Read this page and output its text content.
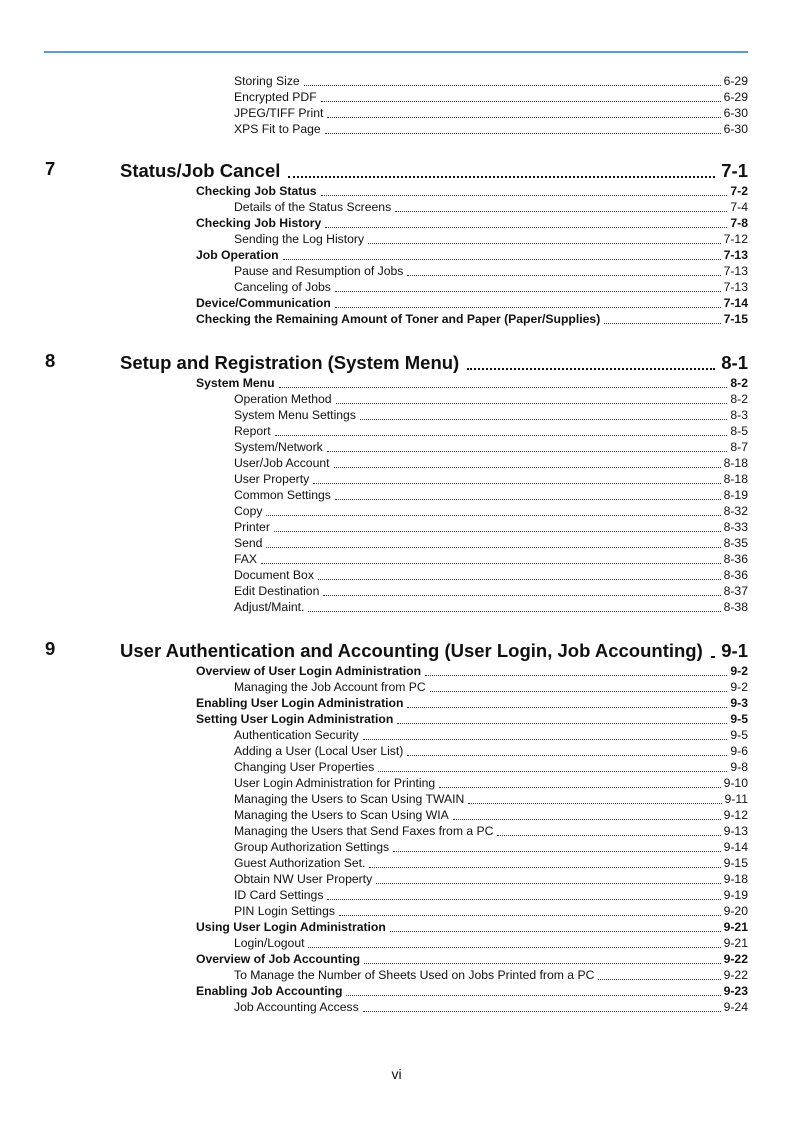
Storing Size	6-29
Encrypted PDF	6-29
JPEG/TIFF Print	6-30
XPS Fit to Page	6-30
7	Status/Job Cancel	7-1
Checking Job Status	7-2
Details of the Status Screens	7-4
Checking Job History	7-8
Sending the Log History	7-12
Job Operation	7-13
Pause and Resumption of Jobs	7-13
Canceling of Jobs	7-13
Device/Communication	7-14
Checking the Remaining Amount of Toner and Paper (Paper/Supplies)	7-15
8	Setup and Registration (System Menu)	8-1
System Menu	8-2
Operation Method	8-2
System Menu Settings	8-3
Report	8-5
System/Network	8-7
User/Job Account	8-18
User Property	8-18
Common Settings	8-19
Copy	8-32
Printer	8-33
Send	8-35
FAX	8-36
Document Box	8-36
Edit Destination	8-37
Adjust/Maint.	8-38
9	User Authentication and Accounting (User Login, Job Accounting) 9-1
Overview of User Login Administration	9-2
Managing the Job Account from PC	9-2
Enabling User Login Administration	9-3
Setting User Login Administration	9-5
Authentication Security	9-5
Adding a User (Local User List)	9-6
Changing User Properties	9-8
User Login Administration for Printing	9-10
Managing the Users to Scan Using TWAIN	9-11
Managing the Users to Scan Using WIA	9-12
Managing the Users that Send Faxes from a PC	9-13
Group Authorization Settings	9-14
Guest Authorization Set.	9-15
Obtain NW User Property	9-18
ID Card Settings	9-19
PIN Login Settings	9-20
Using User Login Administration	9-21
Login/Logout	9-21
Overview of Job Accounting	9-22
To Manage the Number of Sheets Used on Jobs Printed from a PC	9-22
Enabling Job Accounting	9-23
Job Accounting Access	9-24
vi
